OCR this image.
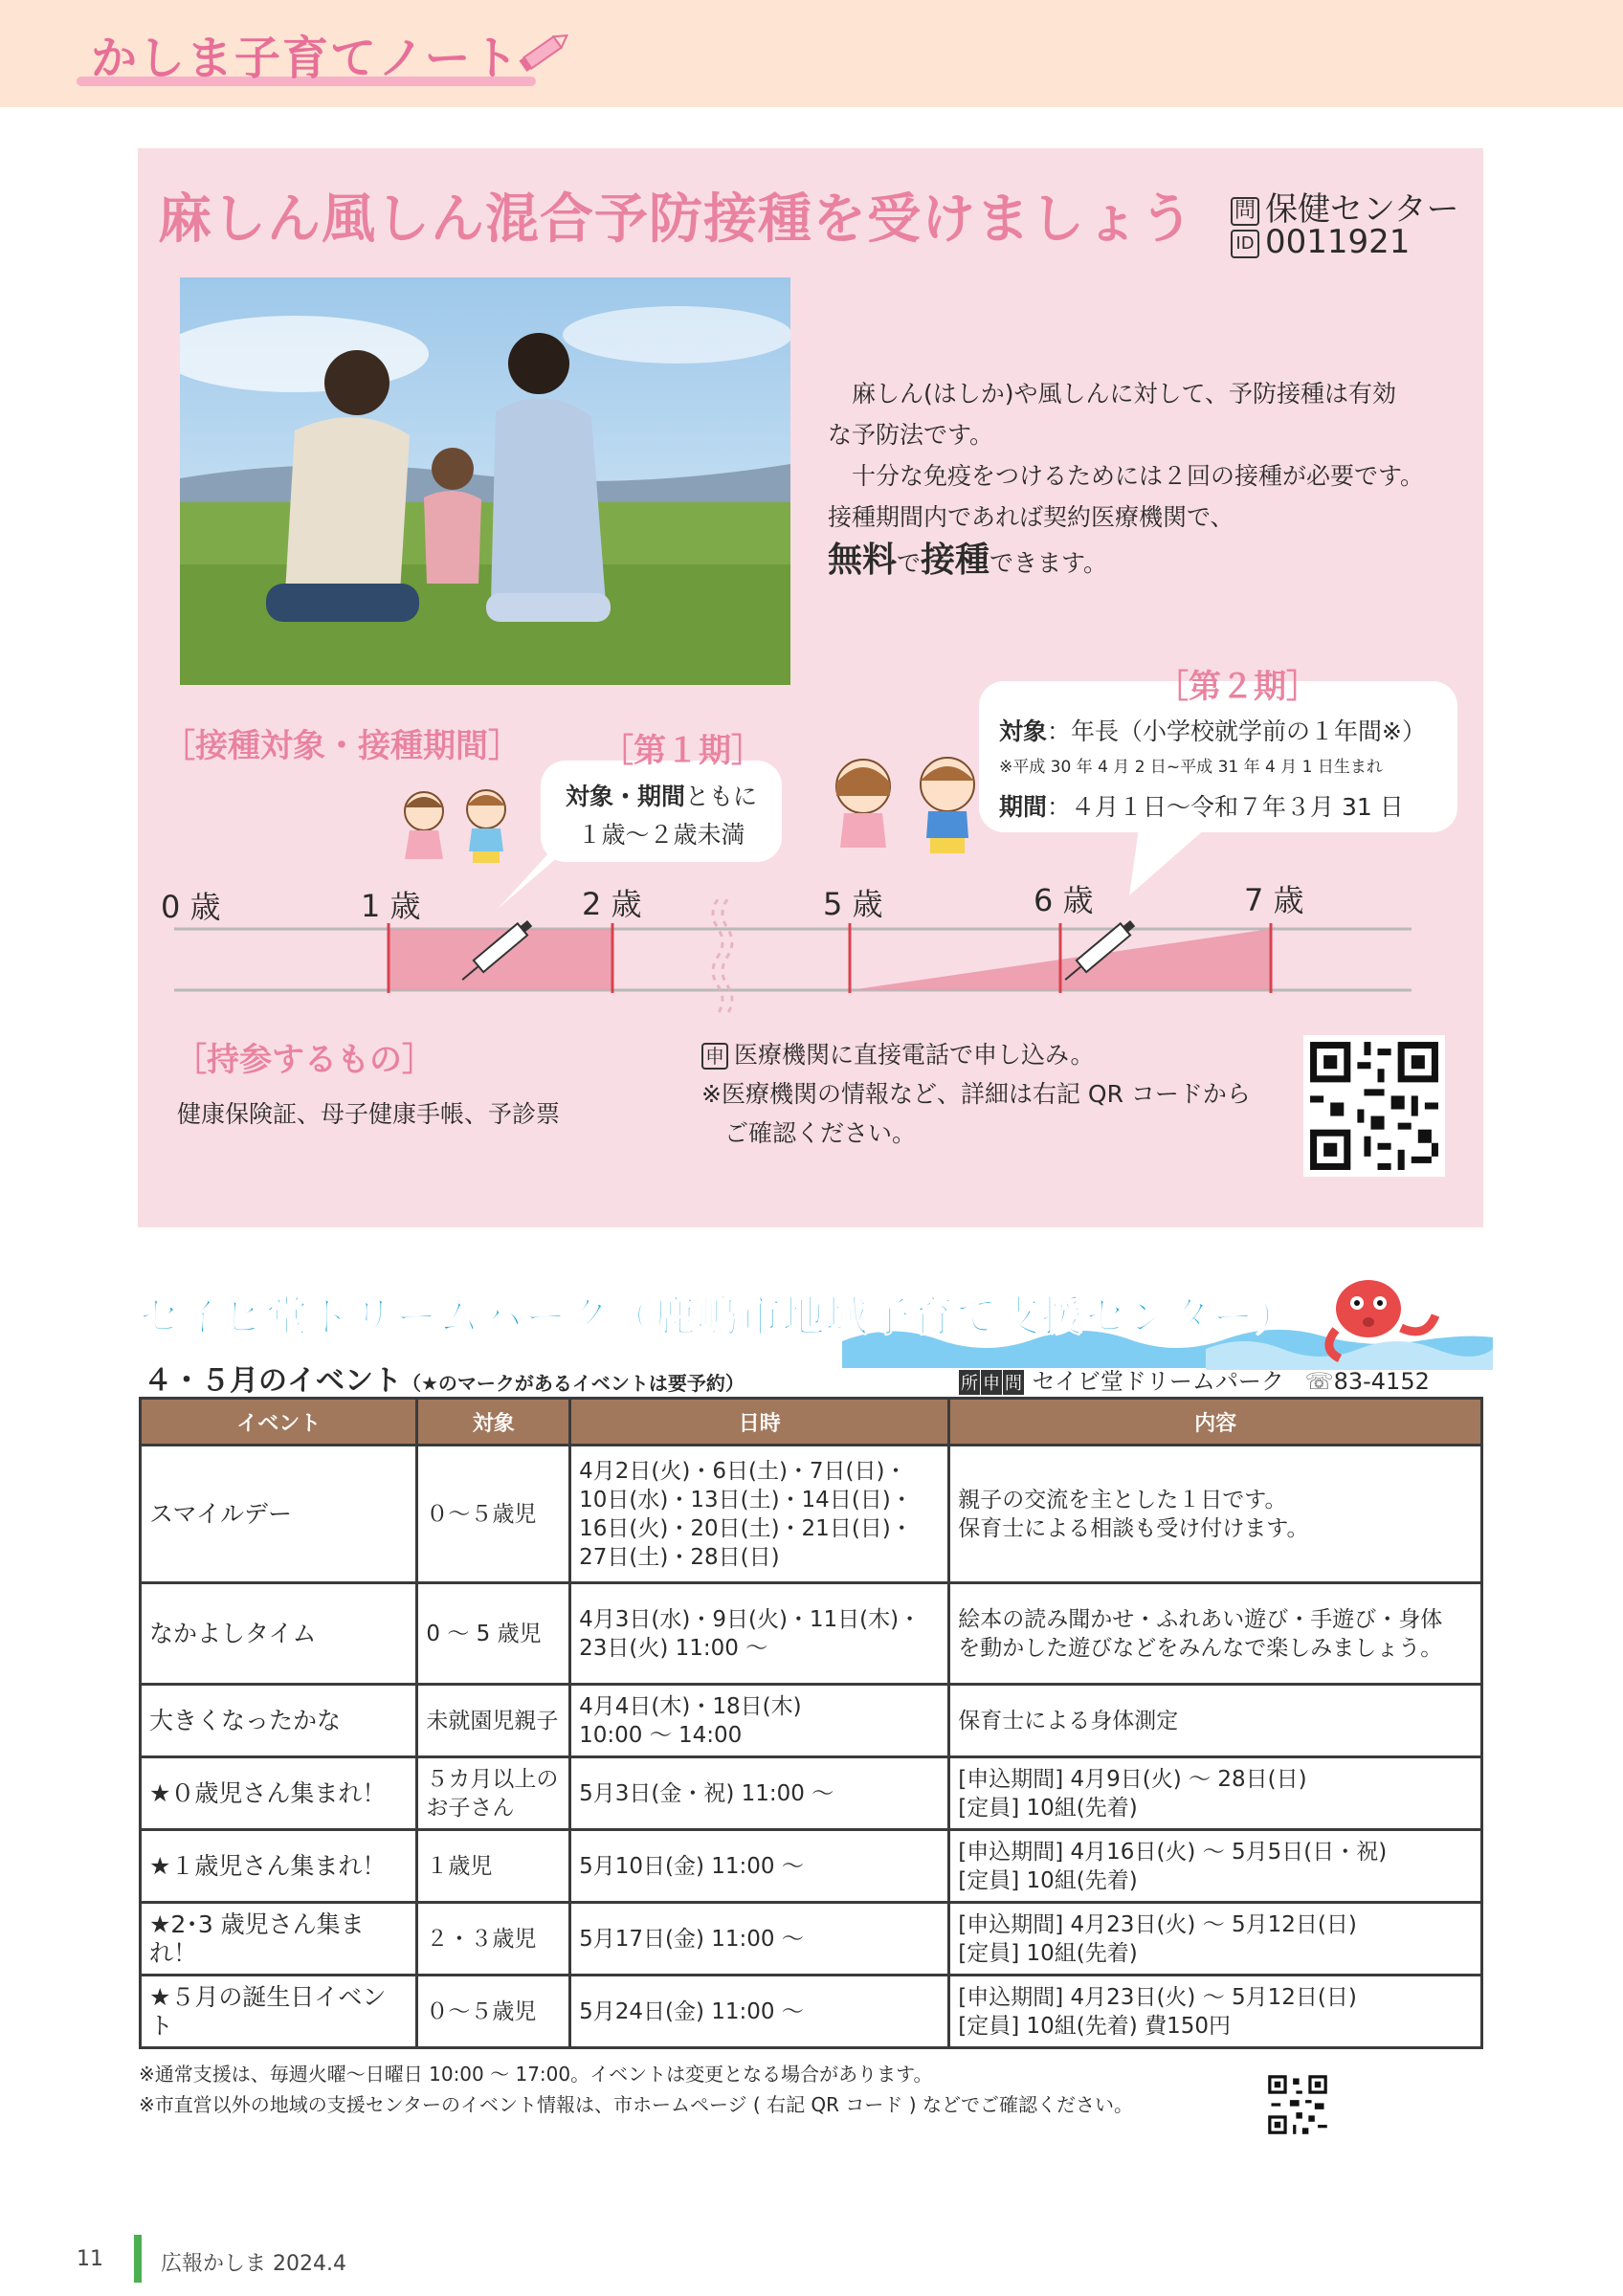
かしま子育てノート
麻しん風しん混合予防接種を受けましょう 問 保健センター
ID 0011921

麻しん(はしか)や風しんに対して、予防接種は有効

な予防法です。

十分な免疫をつけるためには２回の接種が必要です。

接種期間内であれば契約医療機関で、

無料で接種できます。

［接種対象・接種期間］ ［第１期］
対象・期間ともに
１歳～２歳未満
［第２期］
対象：年長（小学校就学前の１年間※）
※平成 30 年 4 月 2 日~平成 31 年 4 月 1 日生まれ
期間：４月１日～令和７年３月 31 日
0 歳	1 歳	2 歳	5 歳	6 歳	7 歳
［持参するもの］
健康保険証、母子健康手帳、予診票
申 医療機関に直接電話で申し込み。
※医療機関の情報など、詳細は右記 QR コードから
ご確認ください。
セイビ堂ドリームパーク（鹿嶋市地域子育て支援センター）
４・５月のイベント（★のマークがあるイベントは要予約）	所 申 問 セイビ堂ドリームパーク ☏83-4152
イベント	対象	日時	内容
スマイルデー	０～５歳児	4月2日(火)・6日(土)・7日(日)・
10日(水)・13日(土)・14日(日)・
16日(火)・20日(土)・21日(日)・
27日(土)・28日(日)	親子の交流を主とした１日です。
保育士による相談も受け付けます。
なかよしタイム	0 ～ 5 歳児	4月3日(水)・9日(火)・11日(木)・
23日(火) 11:00 ～	絵本の読み聞かせ・ふれあい遊び・手遊び・身体
を動かした遊びなどをみんなで楽しみましょう。
大きくなったかな	未就園児親子	4月4日(木)・18日(木)
10:00 ～ 14:00	保育士による身体測定
★０歳児さん集まれ！	５カ月以上の
お子さん	5月3日(金・祝) 11:00 ～	[申込期間] 4月9日(火) ～ 28日(日)
[定員] 10組(先着)
★１歳児さん集まれ！	１歳児	5月10日(金) 11:00 ～	[申込期間] 4月16日(火) ～ 5月5日(日・祝)
[定員] 10組(先着)
★2･3 歳児さん集まれ！	２・３歳児	5月17日(金) 11:00 ～	[申込期間] 4月23日(火) ～ 5月12日(日)
[定員] 10組(先着)
★５月の誕生日イベント	０～５歳児	5月24日(金) 11:00 ～	[申込期間] 4月23日(火) ～ 5月12日(日)
[定員] 10組(先着) 費150円
※通常支援は、毎週火曜～日曜日 10:00 ～ 17:00。イベントは変更となる場合があります。
※市直営以外の地域の支援センターのイベント情報は、市ホームページ ( 右記 QR コード ) などでご確認ください。
11	広報かしま 2024.4
